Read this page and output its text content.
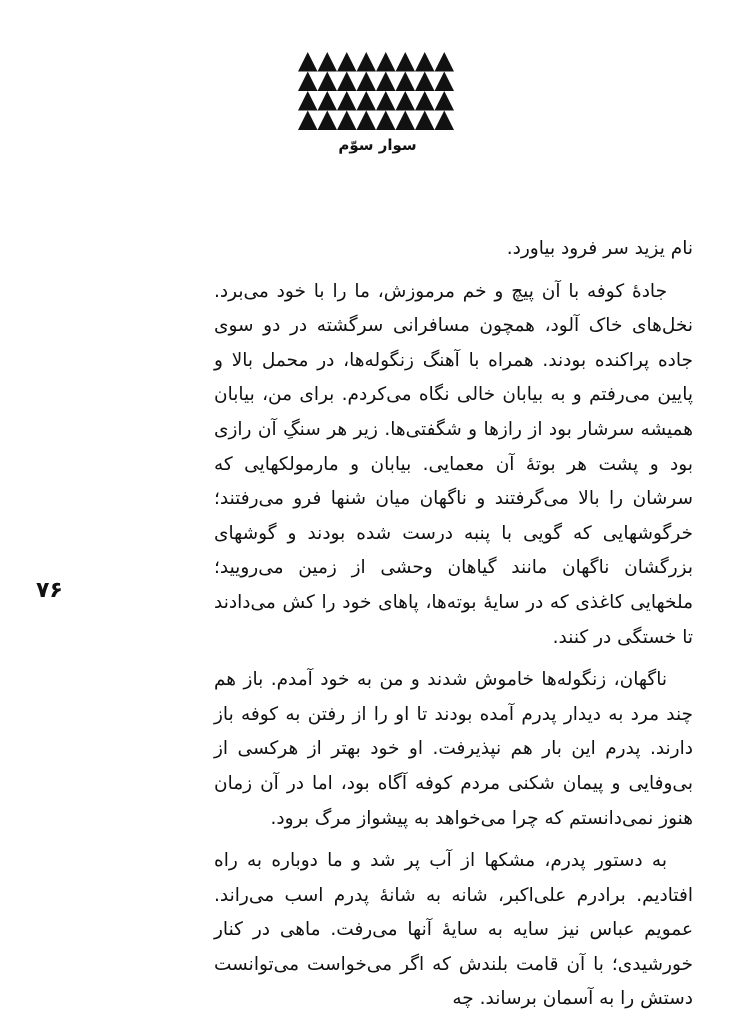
سوار سوّم

نام یزید سر فرود بیاورد.

جادهٔ کوفه با آن پیچ و خم مرموزش، ما را با خود می‌برد. نخل‌های خاک آلود، همچون مسافرانی سرگشته در دو سوی جاده پراکنده بودند. همراه با آهنگ زنگوله‌ها، در محمل بالا و پایین می‌رفتم و به بیابان خالی نگاه می‌کردم. برای من، بیابان همیشه سرشار بود از رازها و شگفتی‌ها. زیر هر سنگِ آن رازی بود و پشت هر بوتهٔ آن معمایی. بیابان و مارمولکهایی که سرشان را بالا می‌گرفتند و ناگهان میان شنها فرو می‌رفتند؛ خرگوشهایی که گویی با پنبه درست شده بودند و گوشهای بزرگشان ناگهان مانند گیاهان وحشی از زمین می‌رویید؛ ملخهایی کاغذی که در سایهٔ بوته‌ها، پاهای خود را کش می‌دادند تا خستگی در کنند.

ناگهان، زنگوله‌ها خاموش شدند و من به خود آمدم. باز هم چند مرد به دیدار پدرم آمده بودند تا او را از رفتن به کوفه باز دارند. پدرم این بار هم نپذیرفت. او خود بهتر از هرکسی از بی‌وفایی و پیمان شکنی مردم کوفه آگاه بود، اما در آن زمان هنوز نمی‌دانستم که چرا می‌خواهد به پیشواز مرگ برود.

به دستور پدرم، مشکها از آب پر شد و ما دوباره به راه افتادیم. برادرم علی‌اکبر، شانه به شانهٔ پدرم اسب می‌راند. عمویم عباس نیز سایه به سایهٔ آنها می‌رفت. ماهی در کنار خورشیدی؛ با آن قامت بلندش که اگر می‌خواست می‌توانست دستش را به آسمان برساند. چه

۷۶
